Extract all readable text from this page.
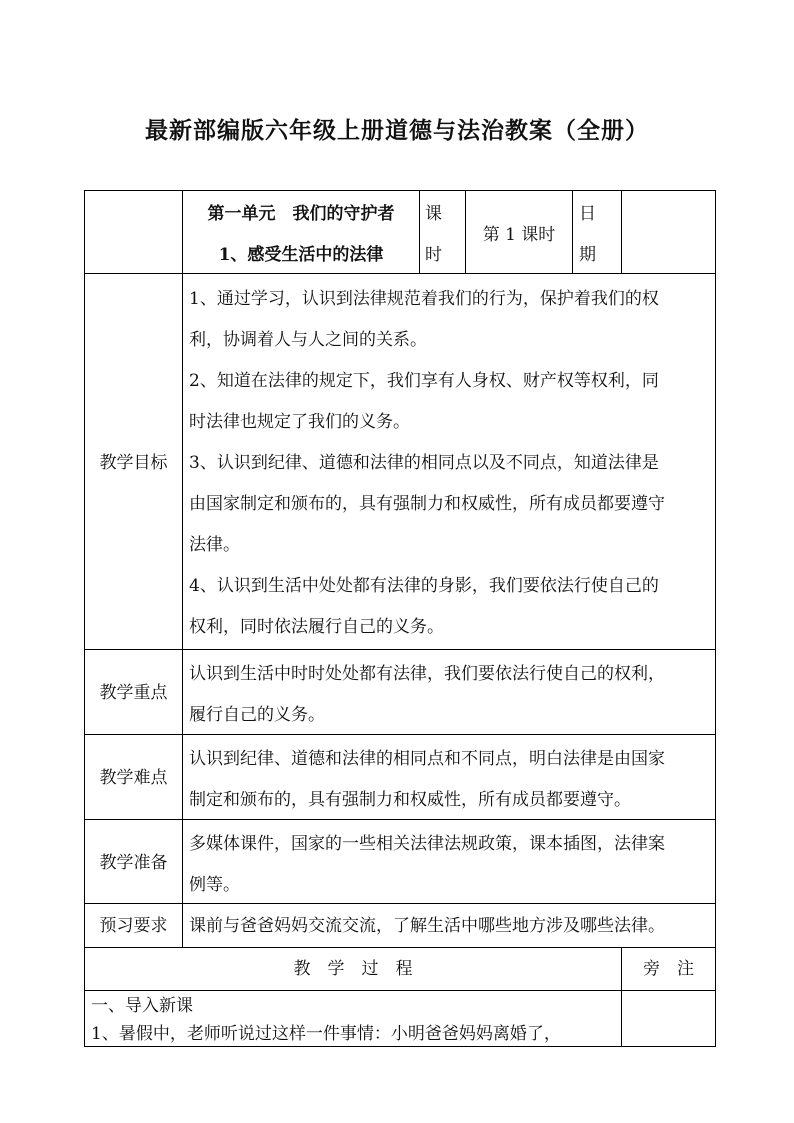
最新部编版六年级上册道德与法治教案（全册）
第一单元　我们的守护者
1、感受生活中的法律
课
时
第 1 课时
日
期
教学目标
1、通过学习，认识到法律规范着我们的行为，保护着我们的权
利，协调着人与人之间的关系。
2、知道在法律的规定下，我们享有人身权、财产权等权利，同
时法律也规定了我们的义务。
3、认识到纪律、道德和法律的相同点以及不同点，知道法律是
由国家制定和颁布的，具有强制力和权威性，所有成员都要遵守
法律。
4、认识到生活中处处都有法律的身影，我们要依法行使自己的
权利，同时依法履行自己的义务。
教学重点
认识到生活中时时处处都有法律，我们要依法行使自己的权利，
履行自己的义务。
教学难点
认识到纪律、道德和法律的相同点和不同点，明白法律是由国家
制定和颁布的，具有强制力和权威性，所有成员都要遵守。
教学准备
多媒体课件，国家的一些相关法律法规政策，课本插图，法律案
例等。
预习要求	课前与爸爸妈妈交流交流，了解生活中哪些地方涉及哪些法律。
教　学　过　程	旁　注
一、导入新课
1、暑假中，老师听说过这样一件事情：小明爸爸妈妈离婚了，
